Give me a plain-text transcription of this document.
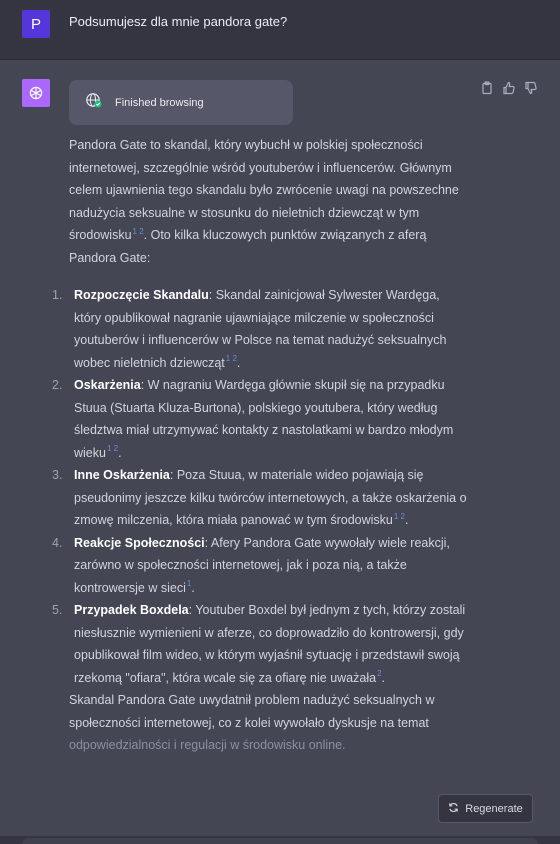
P	Podsumujesz dla mnie pandora gate?
Finished browsing

Pandora Gate to skandal, który wybuchł w polskiej społeczności internetowej, szczególnie wśród youtuberów i influencerów. Głównym celem ujawnienia tego skandalu było zwrócenie uwagi na powszechne nadużycia seksualne w stosunku do nieletnich dziewcząt w tym środowisku$^{1 2}$. Oto kilka kluczowych punktów związanych z aferą Pandora Gate:

1. Rozpoczęcie Skandalu: Skandal zainicjował Sylwester Wardęga, który opublikował nagranie ujawniające milczenie w społeczności youtuberów i influencerów w Polsce na temat nadużyć seksualnych wobec nieletnich dziewcząt$^{1 2}$.
2. Oskarżenia: W nagraniu Wardęga głównie skupił się na przypadku Stuua (Stuarta Kluza-Burtona), polskiego youtubera, który według śledztwa miał utrzymywać kontakty z nastolatkami w bardzo młodym wieku$^{1 2}$.
3. Inne Oskarżenia: Poza Stuua, w materiale wideo pojawiają się pseudonimy jeszcze kilku twórców internetowych, a także oskarżenia o zmowę milczenia, która miała panować w tym środowisku$^{1 2}$.
4. Reakcje Społeczności: Afery Pandora Gate wywołały wiele reakcji, zarówno w społeczności internetowej, jak i poza nią, a także kontrowersje w sieci$^1$.
5. Przypadek Boxdela: Youtuber Boxdel był jednym z tych, którzy zostali niesłusznie wymienieni w aferze, co doprowadziło do kontrowersji, gdy opublikował film wideo, w którym wyjaśnił sytuację i przedstawił swoją rzekomą "ofiara", która wcale się za ofiarę nie uważała$^2$.

Skandal Pandora Gate uwydatnił problem nadużyć seksualnych w społeczności internetowej, co z kolei wywołało dyskusje na temat odpowiedzialności i regulacji w środowisku online.

Regenerate
